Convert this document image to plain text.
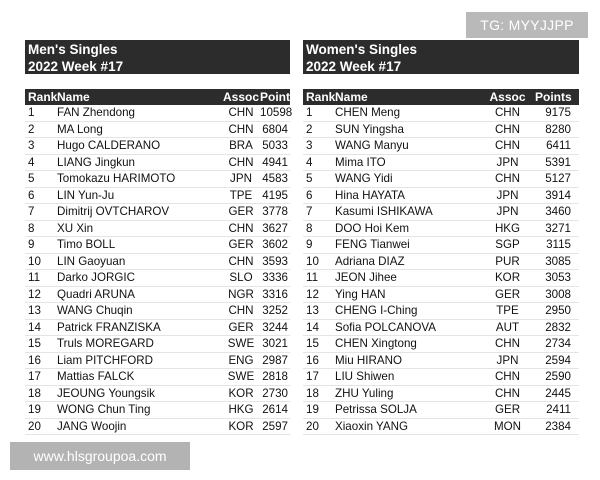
TG: MYYJJPP
Men's Singles
2022 Week #17
Rank Name	Assoc Points
1	FAN Zhendong	CHN 10598
2	MA Long	CHN 6804
3	Hugo CALDERANO	BRA 5033
4	LIANG Jingkun	CHN 4941
5	Tomokazu HARIMOTO	JPN 4583
6	LIN Yun-Ju	TPE 4195
7	Dimitrij OVTCHAROV	GER 3778
8	XU Xin	CHN 3627
9	Timo BOLL	GER 3602
10	LIN Gaoyuan	CHN 3593
11	Darko JORGIC	SLO 3336
12	Quadri ARUNA	NGR 3316
13	WANG Chuqin	CHN 3252
14	Patrick FRANZISKA	GER 3244
15	Truls MOREGARD	SWE 3021
16	Liam PITCHFORD	ENG 2987
17	Mattias FALCK	SWE 2818
18	JEOUNG Youngsik	KOR 2730
19	WONG Chun Ting	HKG 2614
20	JANG Woojin	KOR 2597
Women's Singles
2022 Week #17
Rank Name	Assoc Points
1	CHEN Meng	CHN	9175
2	SUN Yingsha	CHN	8280
3	WANG Manyu	CHN	6411
4	Mima ITO	JPN	5391
5	WANG Yidi	CHN	5127
6	Hina HAYATA	JPN	3914
7	Kasumi ISHIKAWA	JPN	3460
8	DOO Hoi Kem	HKG	3271
9	FENG Tianwei	SGP	3115
10	Adriana DIAZ	PUR	3085
11	JEON Jihee	KOR	3053
12	Ying HAN	GER	3008
13	CHENG I-Ching	TPE	2950
14	Sofia POLCANOVA	AUT	2832
15	CHEN Xingtong	CHN	2734
16	Miu HIRANO	JPN	2594
17	LIU Shiwen	CHN	2590
18	ZHU Yuling	CHN	2445
19	Petrissa SOLJA	GER	2411
20	Xiaoxin YANG	MON	2384
www.hlsgroupoa.com
